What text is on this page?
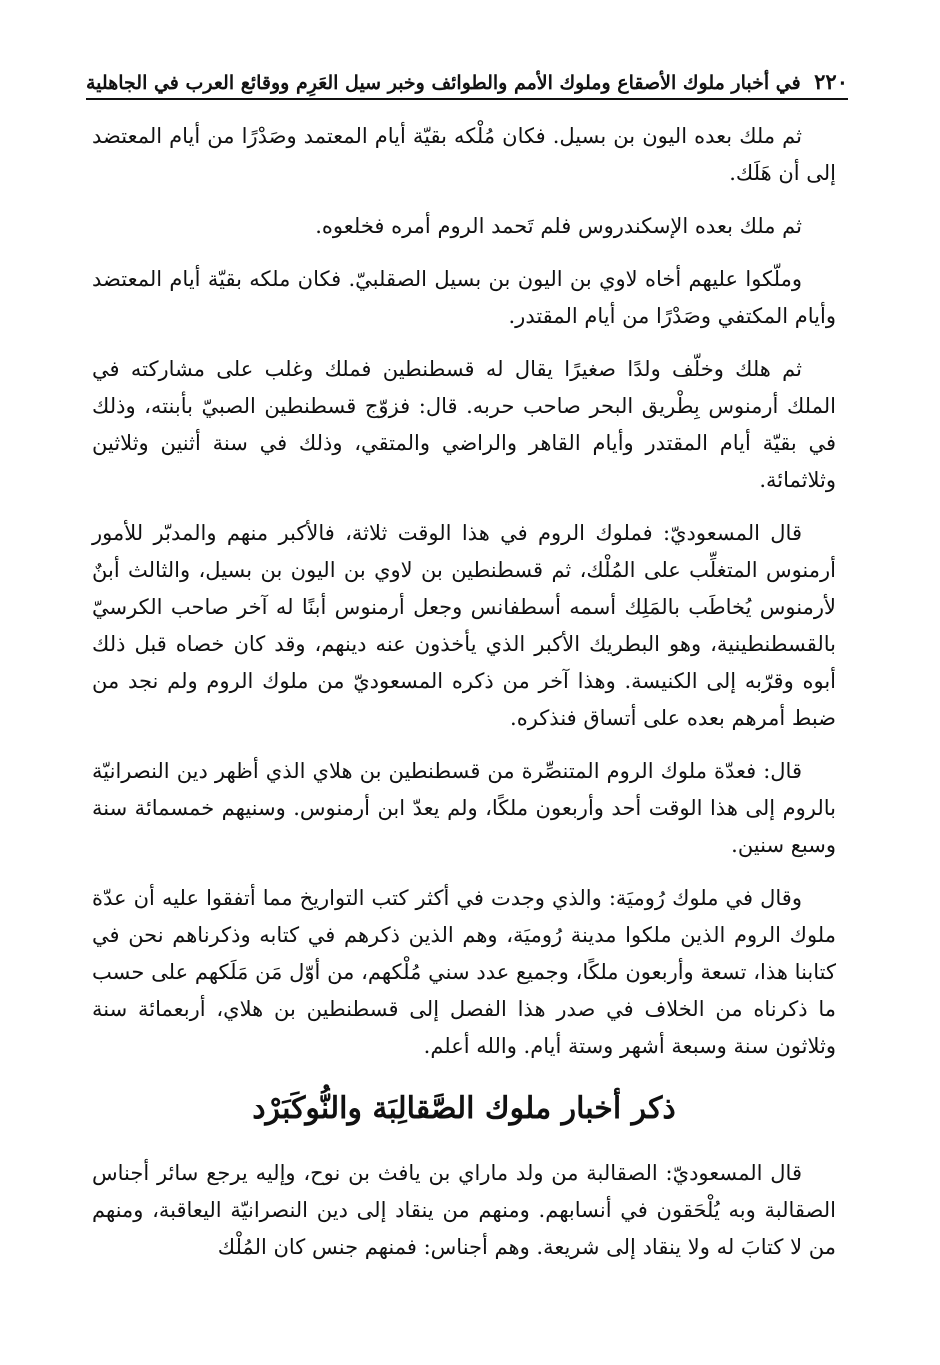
٢٢٠
في أخبار ملوك الأصقاع وملوك الأمم والطوائف وخبر سيل العَرِم ووقائع العرب في الجاهلية

ثم ملك بعده اليون بن بسيل. فكان مُلْكه بقيّة أيام المعتمد وصَدْرًا من أيام المعتضد إلى أن هَلَك.

ثم ملك بعده الإسكندروس فلم تَحمد الروم أمره فخلعوه.

وملّكوا عليهم أخاه لاوي بن اليون بن بسيل الصقلبيّ. فكان ملكه بقيّة أيام المعتضد وأيام المكتفي وصَدْرًا من أيام المقتدر.

ثم هلك وخلّف ولدًا صغيرًا يقال له قسطنطين فملك وغلب على مشاركته في الملك أرمنوس بِطْريق البحر صاحب حربه. قال: فزوّج قسطنطين الصبيّ بأبنته، وذلك في بقيّة أيام المقتدر وأيام القاهر والراضي والمتقي، وذلك في سنة أثنين وثلاثين وثلاثمائة.

قال المسعوديّ: فملوك الروم في هذا الوقت ثلاثة، فالأكبر منهم والمدبّر للأمور أرمنوس المتغلِّب على المُلْك، ثم قسطنطين بن لاوي بن اليون بن بسيل، والثالث أبنٌ لأرمنوس يُخاطَب بالمَلِك أسمه أسطفانس وجعل أرمنوس أبنًا له آخر صاحب الكرسيّ بالقسطنطينية، وهو البطريك الأكبر الذي يأخذون عنه دينهم، وقد كان خصاه قبل ذلك أبوه وقرّبه إلى الكنيسة. وهذا آخر من ذكره المسعوديّ من ملوك الروم ولم نجد من ضبط أمرهم بعده على أتساق فنذكره.

قال: فعدّة ملوك الروم المتنصِّرة من قسطنطين بن هلاي الذي أظهر دين النصرانيّة بالروم إلى هذا الوقت أحد وأربعون ملكًا، ولم يعدّ ابن أرمنوس. وسنيهم خمسمائة سنة وسبع سنين.

وقال في ملوك رُوميَة: والذي وجدت في أكثر كتب التواريخ مما أتفقوا عليه أن عدّة ملوك الروم الذين ملكوا مدينة رُوميَة، وهم الذين ذكرهم في كتابه وذكرناهم نحن في كتابنا هذا، تسعة وأربعون ملكًا، وجميع عدد سني مُلْكهم، من أوّل مَن مَلَكهم على حسب ما ذكرناه من الخلاف في صدر هذا الفصل إلى قسطنطين بن هلاي، أربعمائة سنة وثلاثون سنة وسبعة أشهر وستة أيام. والله أعلم.

ذكر أخبار ملوك الصَّقالِبَة والنُّوكَبَرْد

قال المسعوديّ: الصقالبة من ولد ماراي بن يافث بن نوح، وإليه يرجع سائر أجناس الصقالبة وبه يُلْحَقون في أنسابهم. ومنهم من ينقاد إلى دين النصرانيّة اليعاقبة، ومنهم من لا كتابَ له ولا ينقاد إلى شريعة. وهم أجناس: فمنهم جنس كان المُلْك
